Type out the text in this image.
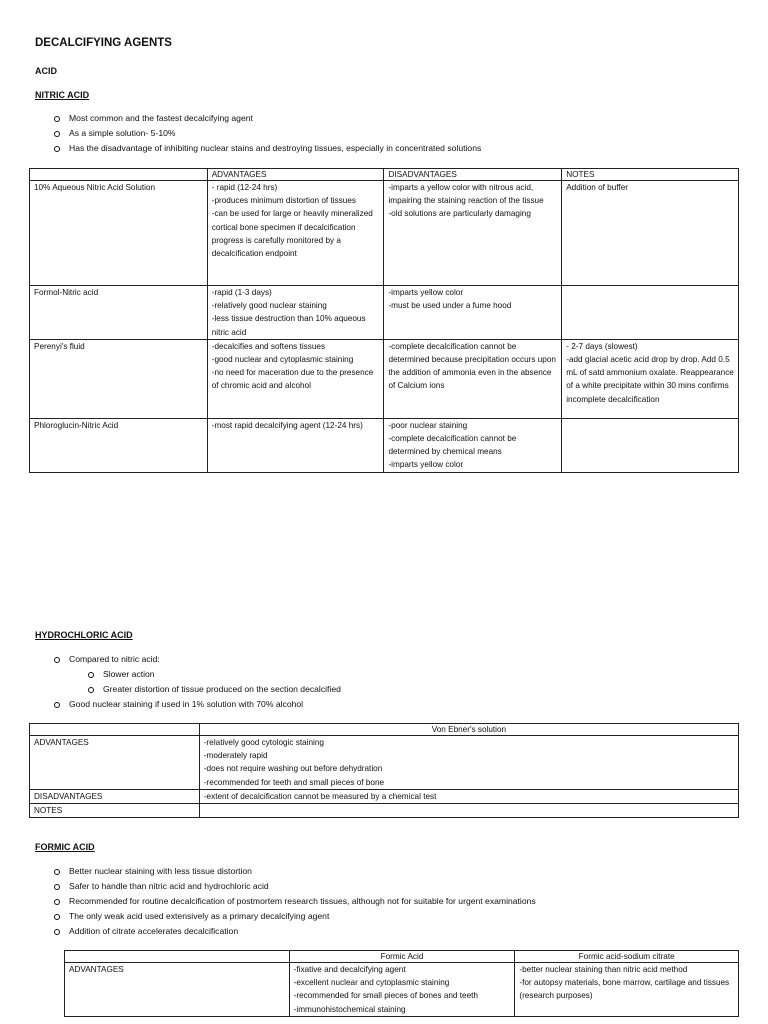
DECALCIFYING AGENTS
ACID
NITRIC ACID
Most common and the fastest decalcifying agent
As a simple solution- 5-10%
Has the disadvantage of inhibiting nuclear stains and destroying tissues, especially in concentrated solutions
	ADVANTAGES	DISADVANTAGES	NOTES

10% Aqueous Nitric Acid Solution	- rapid (12-24 hrs)
-produces minimum distortion of tissues
-can be used for large or heavily mineralized cortical bone specimen if decalcification progress is carefully monitored by a decalcification endpoint	-imparts a yellow color with nitrous acid, impairing the staining reaction of the tissue
-old solutions are particularly damaging	Addition of buffer

Formol-Nitric acid	-rapid (1-3 days)
-relatively good nuclear staining
-less tissue destruction than 10% aqueous nitric acid	-imparts yellow color
-must be used under a fume hood	

Perenyi's fluid	-decalcifies and softens tissues
-good nuclear and cytoplasmic staining
-no need for maceration due to the presence of chromic acid and alcohol	-complete decalcification cannot be determined because precipitation occurs upon the addition of ammonia even in the absence of Calcium ions	- 2-7 days (slowest)
-add glacial acetic acid drop by drop. Add 0.5 mL of satd ammonium oxalate. Reappearance of a white precipitate within 30 mins confirms incomplete decalcification

Phloroglucin-Nitric Acid	-most rapid decalcifying agent (12-24 hrs)	-poor nuclear staining
-complete decalcification cannot be determined by chemical means
-imparts yellow color	

HYDROCHLORIC ACID
Compared to nitric acid:
Slower action
Greater distortion of tissue produced on the section decalcified
Good nuclear staining if used in 1% solution with 70% alcohol
	Von Ebner's solution
ADVANTAGES	-relatively good cytologic staining
-moderately rapid
-does not require washing out before dehydration
-recommended for teeth and small pieces of bone

DISADVANTAGES	-extent of decalcification cannot be measured by a chemical test

NOTES	
FORMIC ACID
Better nuclear staining with less tissue distortion
Safer to handle than nitric acid and hydrochloric acid
Recommended for routine decalcification of postmortem research tissues, although not for suitable for urgent examinations
The only weak acid used extensively as a primary decalcifying agent
Addition of citrate accelerates decalcification
	Formic Acid	Formic acid-sodium citrate
ADVANTAGES	-fixative and decalcifying agent
-excellent nuclear and cytoplasmic staining
-recommended for small pieces of bones and teeth
-immunohistochemical staining	-better nuclear staining than nitric acid method
-for autopsy materials, bone marrow, cartilage and tissues (research purposes)
